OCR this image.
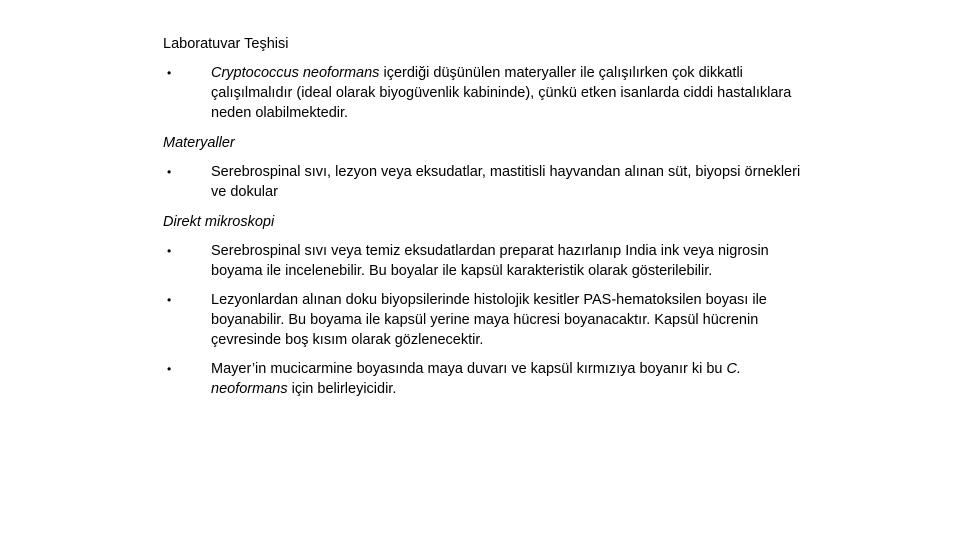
Laboratuvar Teşhisi
•	Cryptococcus neoformans içerdiği düşünülen materyaller ile çalışılırken çok dikkatli çalışılmalıdır (ideal olarak biyogüvenlik kabininde), çünkü etken isanlarda ciddi hastalıklara neden olabilmektedir.
Materyaller
•	Serebrospinal sıvı, lezyon veya eksudatlar, mastitisli hayvandan alınan süt, biyopsi örnekleri ve dokular
Direkt mikroskopi
•	Serebrospinal sıvı veya temiz eksudatlardan preparat hazırlanıp India ink veya nigrosin boyama ile incelenebilir. Bu boyalar ile kapsül karakteristik olarak gösterilebilir.
•	Lezyonlardan alınan doku biyopsilerinde histolojik kesitler PAS-hematoksilen boyası ile boyanabilir. Bu boyama ile kapsül yerine maya hücresi boyanacaktır. Kapsül hücrenin çevresinde boş kısım olarak gözlenecektir.
•	Mayer’in mucicarmine boyasında maya duvarı ve kapsül kırmızıya boyanır ki bu C. neoformans için belirleyicidir.
